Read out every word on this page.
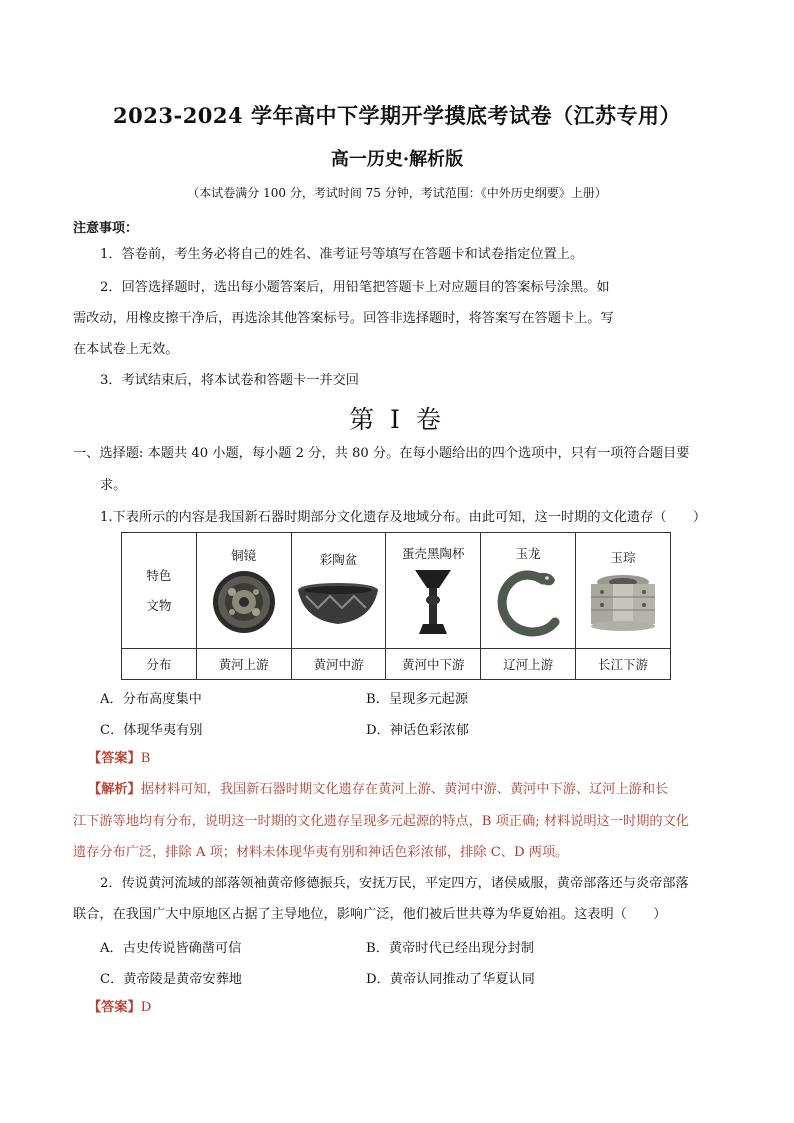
2023-2024 学年高中下学期开学摸底考试卷（江苏专用）
高一历史·解析版
（本试卷满分 100 分，考试时间 75 分钟，考试范围：《中外历史纲要》上册）
注意事项：
1．答卷前，考生务必将自己的姓名、准考证号等填写在答题卡和试卷指定位置上。
2．回答选择题时，选出每小题答案后，用铅笔把答题卡上对应题目的答案标号涂黑。如
需改动，用橡皮擦干净后，再选涂其他答案标号。回答非选择题时，将答案写在答题卡上。写
在本试卷上无效。
3．考试结束后，将本试卷和答题卡一并交回
第 I 卷
一、选择题: 本题共 40 小题，每小题 2 分，共 80 分。在每小题给出的四个选项中，只有一项符合题目要
求。
1.下表所示的内容是我国新石器时期部分文化遗存及地域分布。由此可知，这一时期的文化遗存（　　）
特色
文物	铜镜	彩陶盆	蛋壳黑陶杯	玉龙	玉琮

分布	黄河上游	黄河中游	黄河中下游	辽河上游	长江下游
A．分布高度集中	B．呈现多元起源
C．体现华夷有别	D．神话色彩浓郁
【答案】B
【解析】据材料可知，我国新石器时期文化遗存在黄河上游、黄河中游、黄河中下游、辽河上游和长
江下游等地均有分布，说明这一时期的文化遗存呈现多元起源的特点，B 项正确; 材料说明这一时期的文化
遗存分布广泛，排除 A 项；材料未体现华夷有别和神话色彩浓郁，排除 C、D 两项。
2．传说黄河流域的部落领袖黄帝修德振兵，安抚万民，平定四方，诸侯威服，黄帝部落还与炎帝部落
联合，在我国广大中原地区占据了主导地位，影响广泛，他们被后世共尊为华夏始祖。这表明（　　）
A．古史传说皆确凿可信	B．黄帝时代已经出现分封制
C．黄帝陵是黄帝安葬地	D．黄帝认同推动了华夏认同
【答案】D
